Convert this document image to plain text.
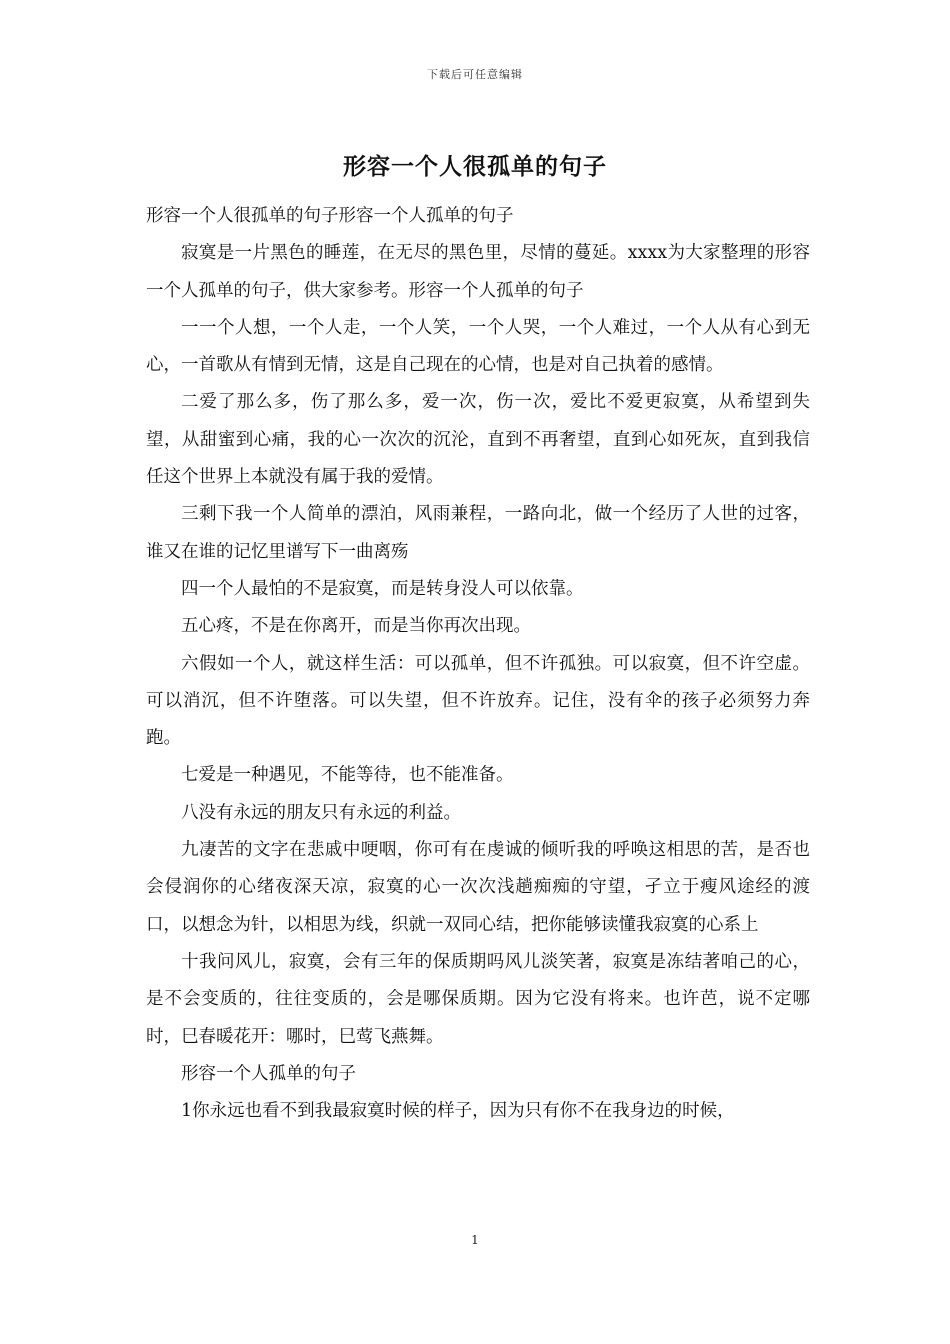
下载后可任意编辑
形容一个人很孤单的句子

形容一个人很孤单的句子形容一个人孤单的句子

寂寞是一片黑色的睡莲，在无尽的黑色里，尽情的蔓延。xxxx为大家整理的形容一个人孤单的句子，供大家参考。形容一个人孤单的句子

一一个人想，一个人走，一个人笑，一个人哭，一个人难过，一个人从有心到无心，一首歌从有情到无情，这是自己现在的心情，也是对自己执着的感情。

二爱了那么多，伤了那么多，爱一次，伤一次，爱比不爱更寂寞，从希望到失望，从甜蜜到心痛，我的心一次次的沉沦，直到不再奢望，直到心如死灰，直到我信任这个世界上本就没有属于我的爱情。

三剩下我一个人简单的漂泊，风雨兼程，一路向北，做一个经历了人世的过客，谁又在谁的记忆里谱写下一曲离殇

四一个人最怕的不是寂寞，而是转身没人可以依靠。

五心疼，不是在你离开，而是当你再次出现。

六假如一个人，就这样生活：可以孤单，但不许孤独。可以寂寞，但不许空虚。可以消沉，但不许堕落。可以失望，但不许放弃。记住，没有伞的孩子必须努力奔跑。

七爱是一种遇见，不能等待，也不能准备。

八没有永远的朋友只有永远的利益。

九凄苦的文字在悲戚中哽咽，你可有在虔诚的倾听我的呼唤这相思的苦，是否也会侵润你的心绪夜深天凉，寂寞的心一次次浅趟痴痴的守望，孑立于瘦风途经的渡口，以想念为针，以相思为线，织就一双同心结，把你能够读懂我寂寞的心系上

十我问风儿，寂寞，会有三年的保质期吗风儿淡笑著，寂寞是冻结著咱己的心，是不会变质的，往往变质的，会是哪保质期。因为它没有将来。也许芭，说不定哪时，巳春暖花开：哪时，巳莺飞燕舞。

形容一个人孤单的句子

1你永远也看不到我最寂寞时候的样子，因为只有你不在我身边的时候，

1
